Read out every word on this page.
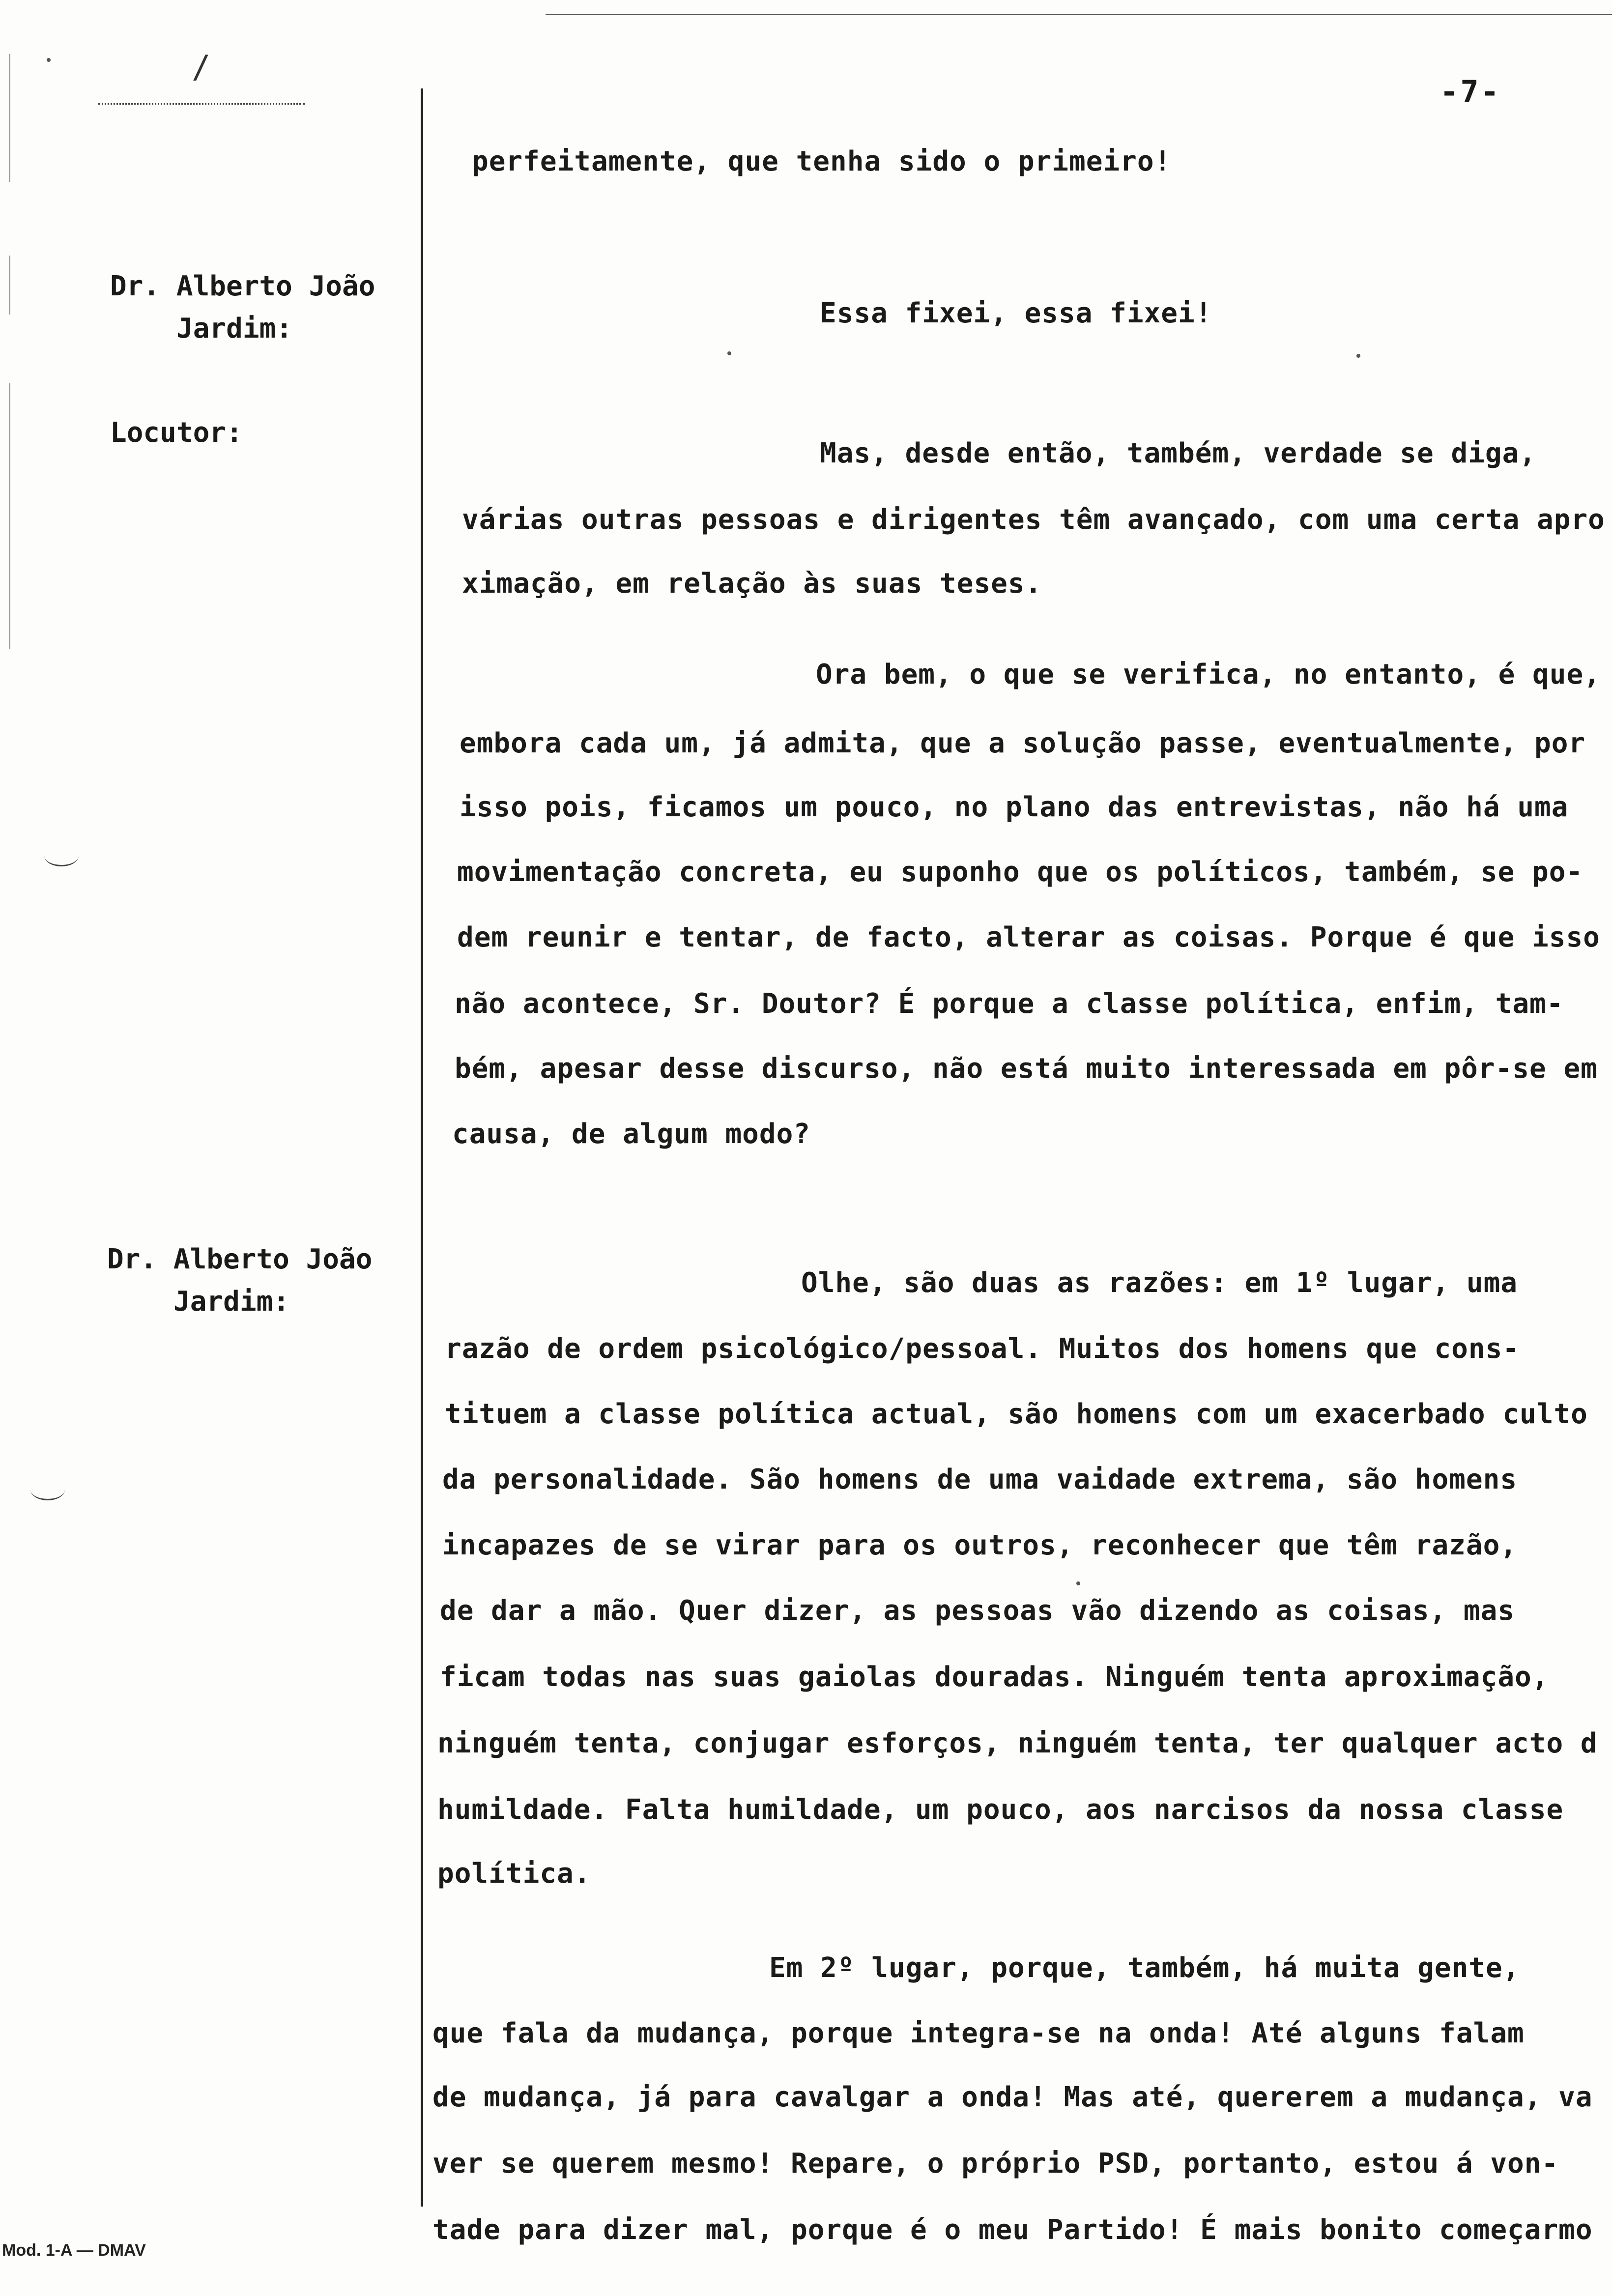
/
-7-
Dr. Alberto João
Jardim:
Locutor:
Dr. Alberto João
Jardim:
perfeitamente, que tenha sido o primeiro!
Essa fixei, essa fixei!
Mas, desde então, também, verdade se diga,
várias outras pessoas e dirigentes têm avançado, com uma certa apro
ximação, em relação às suas teses.
Ora bem, o que se verifica, no entanto, é que,
embora cada um, já admita, que a solução passe, eventualmente, por
isso pois, ficamos um pouco, no plano das entrevistas, não há uma
movimentação concreta, eu suponho que os políticos, também, se po-
dem reunir e tentar, de facto, alterar as coisas. Porque é que isso
não acontece, Sr. Doutor? É porque a classe política, enfim, tam-
bém, apesar desse discurso, não está muito interessada em pôr-se em
causa, de algum modo?
Olhe, são duas as razões: em 1º lugar, uma
razão de ordem psicológico/pessoal. Muitos dos homens que cons-
tituem a classe política actual, são homens com um exacerbado culto
da personalidade. São homens de uma vaidade extrema, são homens
incapazes de se virar para os outros, reconhecer que têm razão,
de dar a mão. Quer dizer, as pessoas vão dizendo as coisas, mas
ficam todas nas suas gaiolas douradas. Ninguém tenta aproximação,
ninguém tenta, conjugar esforços, ninguém tenta, ter qualquer acto d
humildade. Falta humildade, um pouco, aos narcisos da nossa classe
política.
Em 2º lugar, porque, também, há muita gente,
que fala da mudança, porque integra-se na onda! Até alguns falam
de mudança, já para cavalgar a onda! Mas até, quererem a mudança, va
ver se querem mesmo! Repare, o próprio PSD, portanto, estou á von-
tade para dizer mal, porque é o meu Partido! É mais bonito começarmo
Mod. 1-A — DMAV
